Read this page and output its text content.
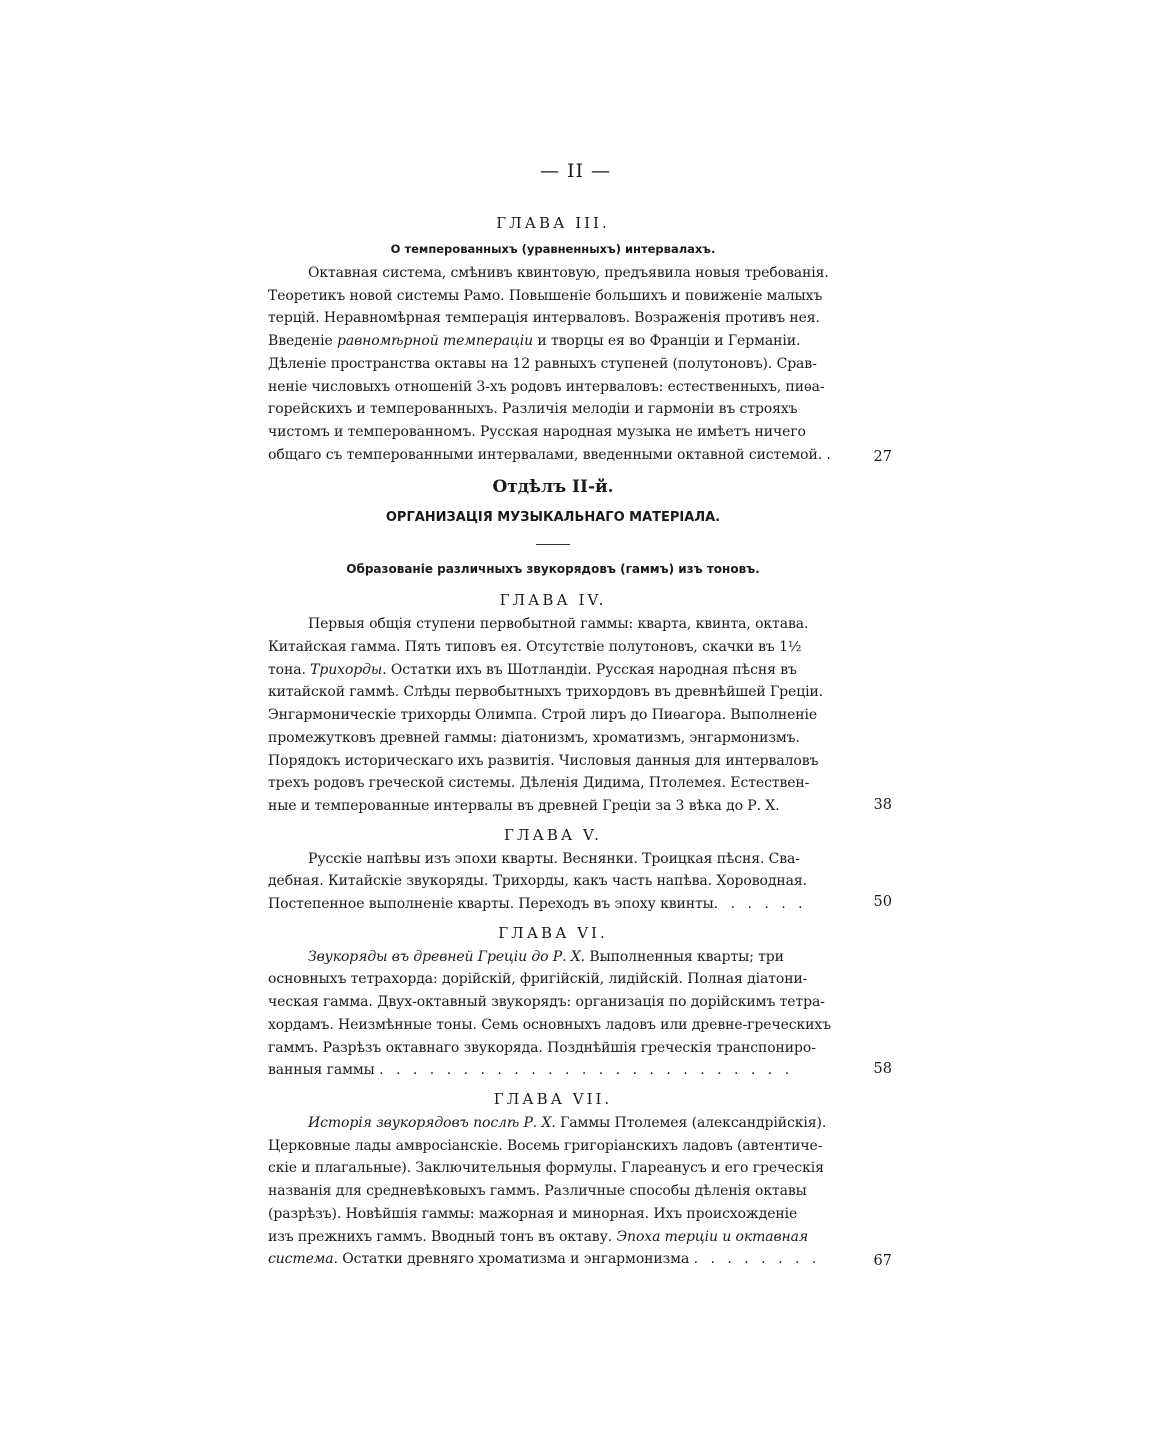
— II —

ГЛАВА III.

О темперованныхъ (уравненныхъ) интервалахъ.

Октавная система, смѣнивъ квинтовую, предъявила новыя требованія.
Теоретикъ новой системы Рамо. Повышеніе большихъ и повиженіе малыхъ
терцій. Неравномѣрная темперація интерваловъ. Возраженія противъ нея.
Введеніе равномѣрной темпераціи и творцы ея во Франціи и Германіи.
Дѣленіе пространства октавы на 12 равныхъ ступеней (полутоновъ). Срав-
неніе числовыхъ отношеній 3-хъ родовъ интерваловъ: естественныхъ, пиѳа-
горейскихъ и темперованныхъ. Различія мелодіи и гармоніи въ строяхъ
чистомъ и темперованномъ. Русская народная музыка не имѣетъ ничего
общаго съ темперованными интервалами, введенными октавной системой. .

Отдѣлъ II-й.

ОРГАНИЗАЦІЯ МУЗЫКАЛЬНАГО МАТЕРІАЛА.

Образованіе различныхъ звукорядовъ (гаммъ) изъ тоновъ.

ГЛАВА IV.

Первыя общія ступени первобытной гаммы: кварта, квинта, октава.
Китайская гамма. Пять типовъ ея. Отсутствіе полутоновъ, скачки въ 1½
тона. Трихорды. Остатки ихъ въ Шотландіи. Русская народная пѣсня въ
китайской гаммѣ. Слѣды первобытныхъ трихордовъ въ древнѣйшей Греціи.
Энгармоническіе трихорды Олимпа. Строй лиръ до Пиѳагора. Выполненіе
промежутковъ древней гаммы: діатонизмъ, хроматизмъ, энгармонизмъ.
Порядокъ историческаго ихъ развитія. Числовыя данныя для интерваловъ
трехъ родовъ греческой системы. Дѣленія Дидима, Птолемея. Естествен-
ные и темперованные интервалы въ древней Греціи за 3 вѣка до Р. Х.

ГЛАВА V.

Русскіе напѣвы изъ эпохи кварты. Веснянки. Троицкая пѣсня. Сва-
дебная. Китайскіе звукоряды. Трихорды, какъ часть напѣва. Хороводная.
Постепенное выполненіе кварты. Переходъ въ эпоху квинты. . . . . .

ГЛАВА VI.

Звукоряды въ древней Греціи до Р. Х. Выполненныя кварты; три
основныхъ тетрахорда: дорійскій, фригійскій, лидійскій. Полная діатони-
ческая гамма. Двух-октавный звукорядъ: организація по дорійскимъ тетра-
хордамъ. Неизмѣнные тоны. Семь основныхъ ладовъ или древне-греческихъ
гаммъ. Разрѣзъ октавнаго звукоряда. Позднѣйшія греческія транспониро-
ванныя гаммы . . . . . . . . . . . . . . . . . . . . . . . . .

ГЛАВА VII.

Исторія звукорядовъ послѣ Р. Х. Гаммы Птолемея (александрійскія).
Церковные лады амвросіанскіе. Восемь григоріанскихъ ладовъ (автентиче-
скіе и плагальные). Заключительныя формулы. Глареанусъ и его греческія
названія для средневѣковыхъ гаммъ. Различные способы дѣленія октавы
(разрѣзъ). Новѣйшія гаммы: мажорная и минорная. Ихъ происхожденіе
изъ прежнихъ гаммъ. Вводный тонъ въ октаву. Эпоха терціи и октавная
система. Остатки древняго хроматизма и энгармонизма . . . . . . . .

27
38
50
58
67
